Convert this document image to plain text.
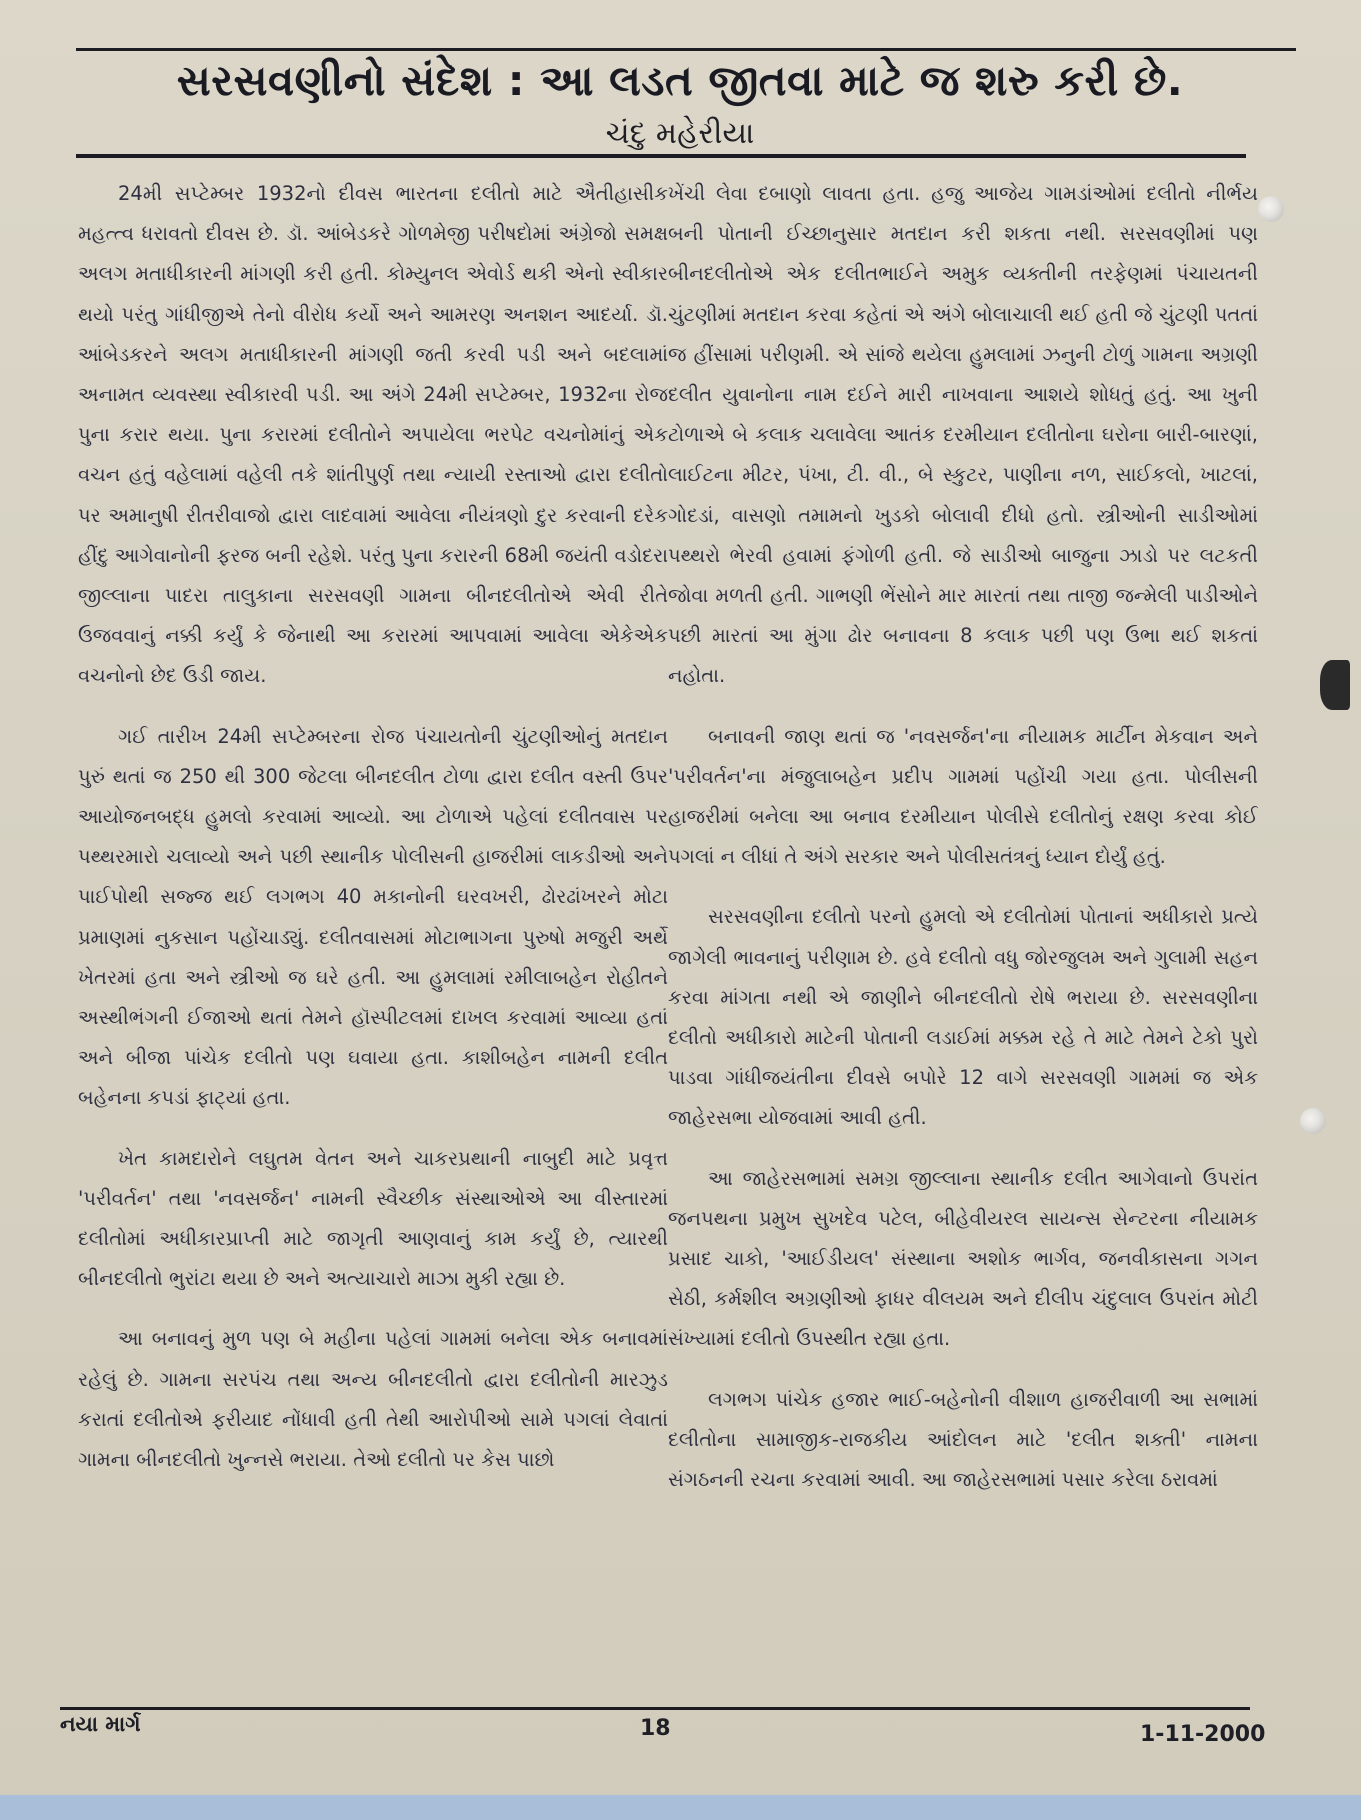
સરસવણીનો સંદેશ : આ લડત જીતવા માટે જ શરુ કરી છે.
ચંદુ મહેરીયા

24મી સપ્ટેમ્બર 1932નો દીવસ ભારતના દલીતો માટે ઐતીહાસીક મહત્ત્વ ધરાવતો દીવસ છે. ડૉ. આંબેડકરે ગોળમેજી પરીષદોમાં અંગ્રેજો સમક્ષ અલગ મતાધીકારની માંગણી કરી હતી. કોમ્યુનલ એવોર્ડ થકી એનો સ્વીકાર થયો પરંતુ ગાંધીજીએ તેનો વીરોધ કર્યો અને આમરણ અનશન આદર્યા. ડૉ. આંબેડકરને અલગ મતાધીકારની માંગણી જતી કરવી પડી અને બદલામાં અનામત વ્યવસ્થા સ્વીકારવી પડી. આ અંગે 24મી સપ્ટેમ્બર, 1932ના રોજ પુના કરાર થયા. પુના કરારમાં દલીતોને અપાયેલા ભરપેટ વચનોમાંનું એક વચન હતું વહેલામાં વહેલી તકે શાંતીપુર્ણ તથા ન્યાયી રસ્તાઓ દ્વારા દલીતો પર અમાનુષી રીતરીવાજો દ્વારા લાદવામાં આવેલા નીયંત્રણો દુર કરવાની દરેક હીંદુ આગેવાનોની ફરજ બની રહેશે. પરંતુ પુના કરારની 68મી જયંતી વડોદરા જીલ્લાના પાદરા તાલુકાના સરસવણી ગામના બીનદલીતોએ એવી રીતે ઉજવવાનું નક્કી કર્યું કે જેનાથી આ કરારમાં આપવામાં આવેલા એકેએક વચનોનો છેદ ઉડી જાય.

ગઈ તારીખ 24મી સપ્ટેમ્બરના રોજ પંચાયતોની ચુંટણીઓનું મતદાન પુરું થતાં જ 250 થી 300 જેટલા બીનદલીત ટોળા દ્વારા દલીત વસ્તી ઉપર આયોજનબદ્ધ હુમલો કરવામાં આવ્યો. આ ટોળાએ પહેલાં દલીતવાસ પર પથ્થરમારો ચલાવ્યો અને પછી સ્થાનીક પોલીસની હાજરીમાં લાકડીઓ અને પાઈપોથી સજ્જ થઈ લગભગ 40 મકાનોની ઘરવખરી, ઢોરઢાંખરને મોટા પ્રમાણમાં નુકસાન પહોંચાડ્યું. દલીતવાસમાં મોટાભાગના પુરુષો મજુરી અર્થે ખેતરમાં હતા અને સ્ત્રીઓ જ ઘરે હતી. આ હુમલામાં રમીલાબહેન રોહીતને અસ્થીભંગની ઈજાઓ થતાં તેમને હૉસ્પીટલમાં દાખલ કરવામાં આવ્યા હતાં અને બીજા પાંચેક દલીતો પણ ઘવાયા હતા. કાશીબહેન નામની દલીત બહેનના કપડાં ફાટ્યાં હતા.

ખેત કામદારોને લઘુતમ વેતન અને ચાકરપ્રથાની નાબુદી માટે પ્રવૃત્ત 'પરીવર્તન' તથા 'નવસર્જન' નામની સ્વૈચ્છીક સંસ્થાઓએ આ વીસ્તારમાં દલીતોમાં અધીકારપ્રાપ્તી માટે જાગૃતી આણવાનું કામ કર્યું છે, ત્યારથી બીનદલીતો ભુરાંટા થયા છે અને અત્યાચારો માઝા મુકી રહ્યા છે.

આ બનાવનું મુળ પણ બે મહીના પહેલાં ગામમાં બનેલા એક બનાવમાં રહેલું છે. ગામના સરપંચ તથા અન્ય બીનદલીતો દ્વારા દલીતોની મારઝુડ કરાતાં દલીતોએ ફરીયાદ નોંધાવી હતી તેથી આરોપીઓ સામે પગલાં લેવાતાં ગામના બીનદલીતો ખુન્નસે ભરાયા. તેઓ દલીતો પર કેસ પાછો

ખેંચી લેવા દબાણો લાવતા હતા. હજુ આજેય ગામડાંઓમાં દલીતો નીર્ભય બની પોતાની ઈચ્છાનુસાર મતદાન કરી શકતા નથી. સરસવણીમાં પણ બીનદલીતોએ એક દલીતભાઈને અમુક વ્યક્તીની તરફેણમાં પંચાયતની ચુંટણીમાં મતદાન કરવા કહેતાં એ અંગે બોલાચાલી થઈ હતી જે ચુંટણી પતતાં જ હીંસામાં પરીણમી. એ સાંજે થયેલા હુમલામાં ઝનુની ટોળું ગામના અગ્રણી દલીત યુવાનોના નામ દઈને મારી નાખવાના આશયે શોધતું હતું. આ ખુની ટોળાએ બે કલાક ચલાવેલા આતંક દરમીયાન દલીતોના ઘરોના બારી-બારણાં, લાઈટના મીટર, પંખા, ટી. વી., બે સ્કુટર, પાણીના નળ, સાઈકલો, ખાટલાં, ગોદડાં, વાસણો તમામનો ખુડકો બોલાવી દીધો હતો. સ્ત્રીઓની સાડીઓમાં પથ્થરો ભેરવી હવામાં ફંગોળી હતી. જે સાડીઓ બાજુના ઝાડો પર લટકતી જોવા મળતી હતી. ગાભણી ભેંસોને માર મારતાં તથા તાજી જન્મેલી પાડીઓને પછી મારતાં આ મુંગા ઢોર બનાવના 8 કલાક પછી પણ ઉભા થઈ શકતાં નહોતા.

બનાવની જાણ થતાં જ 'નવસર્જન'ના નીયામક માર્ટીન મેકવાન અને 'પરીવર્તન'ના મંજુલાબહેન પ્રદીપ ગામમાં પહોંચી ગયા હતા. પોલીસની હાજરીમાં બનેલા આ બનાવ દરમીયાન પોલીસે દલીતોનું રક્ષણ કરવા કોઈ પગલાં ન લીધાં તે અંગે સરકાર અને પોલીસતંત્રનું ધ્યાન દોર્યું હતું.

સરસવણીના દલીતો પરનો હુમલો એ દલીતોમાં પોતાનાં અધીકારો પ્રત્યે જાગેલી ભાવનાનું પરીણામ છે. હવે દલીતો વધુ જોરજુલમ અને ગુલામી સહન કરવા માંગતા નથી એ જાણીને બીનદલીતો રોષે ભરાયા છે. સરસવણીના દલીતો અધીકારો માટેની પોતાની લડાઈમાં મક્કમ રહે તે માટે તેમને ટેકો પુરો પાડવા ગાંધીજયંતીના દીવસે બપોરે 12 વાગે સરસવણી ગામમાં જ એક જાહેરસભા યોજવામાં આવી હતી.

આ જાહેરસભામાં સમગ્ર જીલ્લાના સ્થાનીક દલીત આગેવાનો ઉપરાંત જનપથના પ્રમુખ સુખદેવ પટેલ, બીહેવીયરલ સાયન્સ સેન્ટરના નીયામક પ્રસાદ ચાકો, 'આઈડીયલ' સંસ્થાના અશોક ભાર્ગવ, જનવીકાસના ગગન સેઠી, કર્મશીલ અગ્રણીઓ ફાધર વીલયમ અને દીલીપ ચંદુલાલ ઉપરાંત મોટી સંખ્યામાં દલીતો ઉપસ્થીત રહ્યા હતા.

લગભગ પાંચેક હજાર ભાઈ-બહેનોની વીશાળ હાજરીવાળી આ સભામાં દલીતોના સામાજીક-રાજકીય આંદોલન માટે 'દલીત શક્તી' નામના સંગઠનની રચના કરવામાં આવી. આ જાહેરસભામાં પસાર કરેલા ઠરાવમાં

નયા માર્ગ	18	1-11-2000
